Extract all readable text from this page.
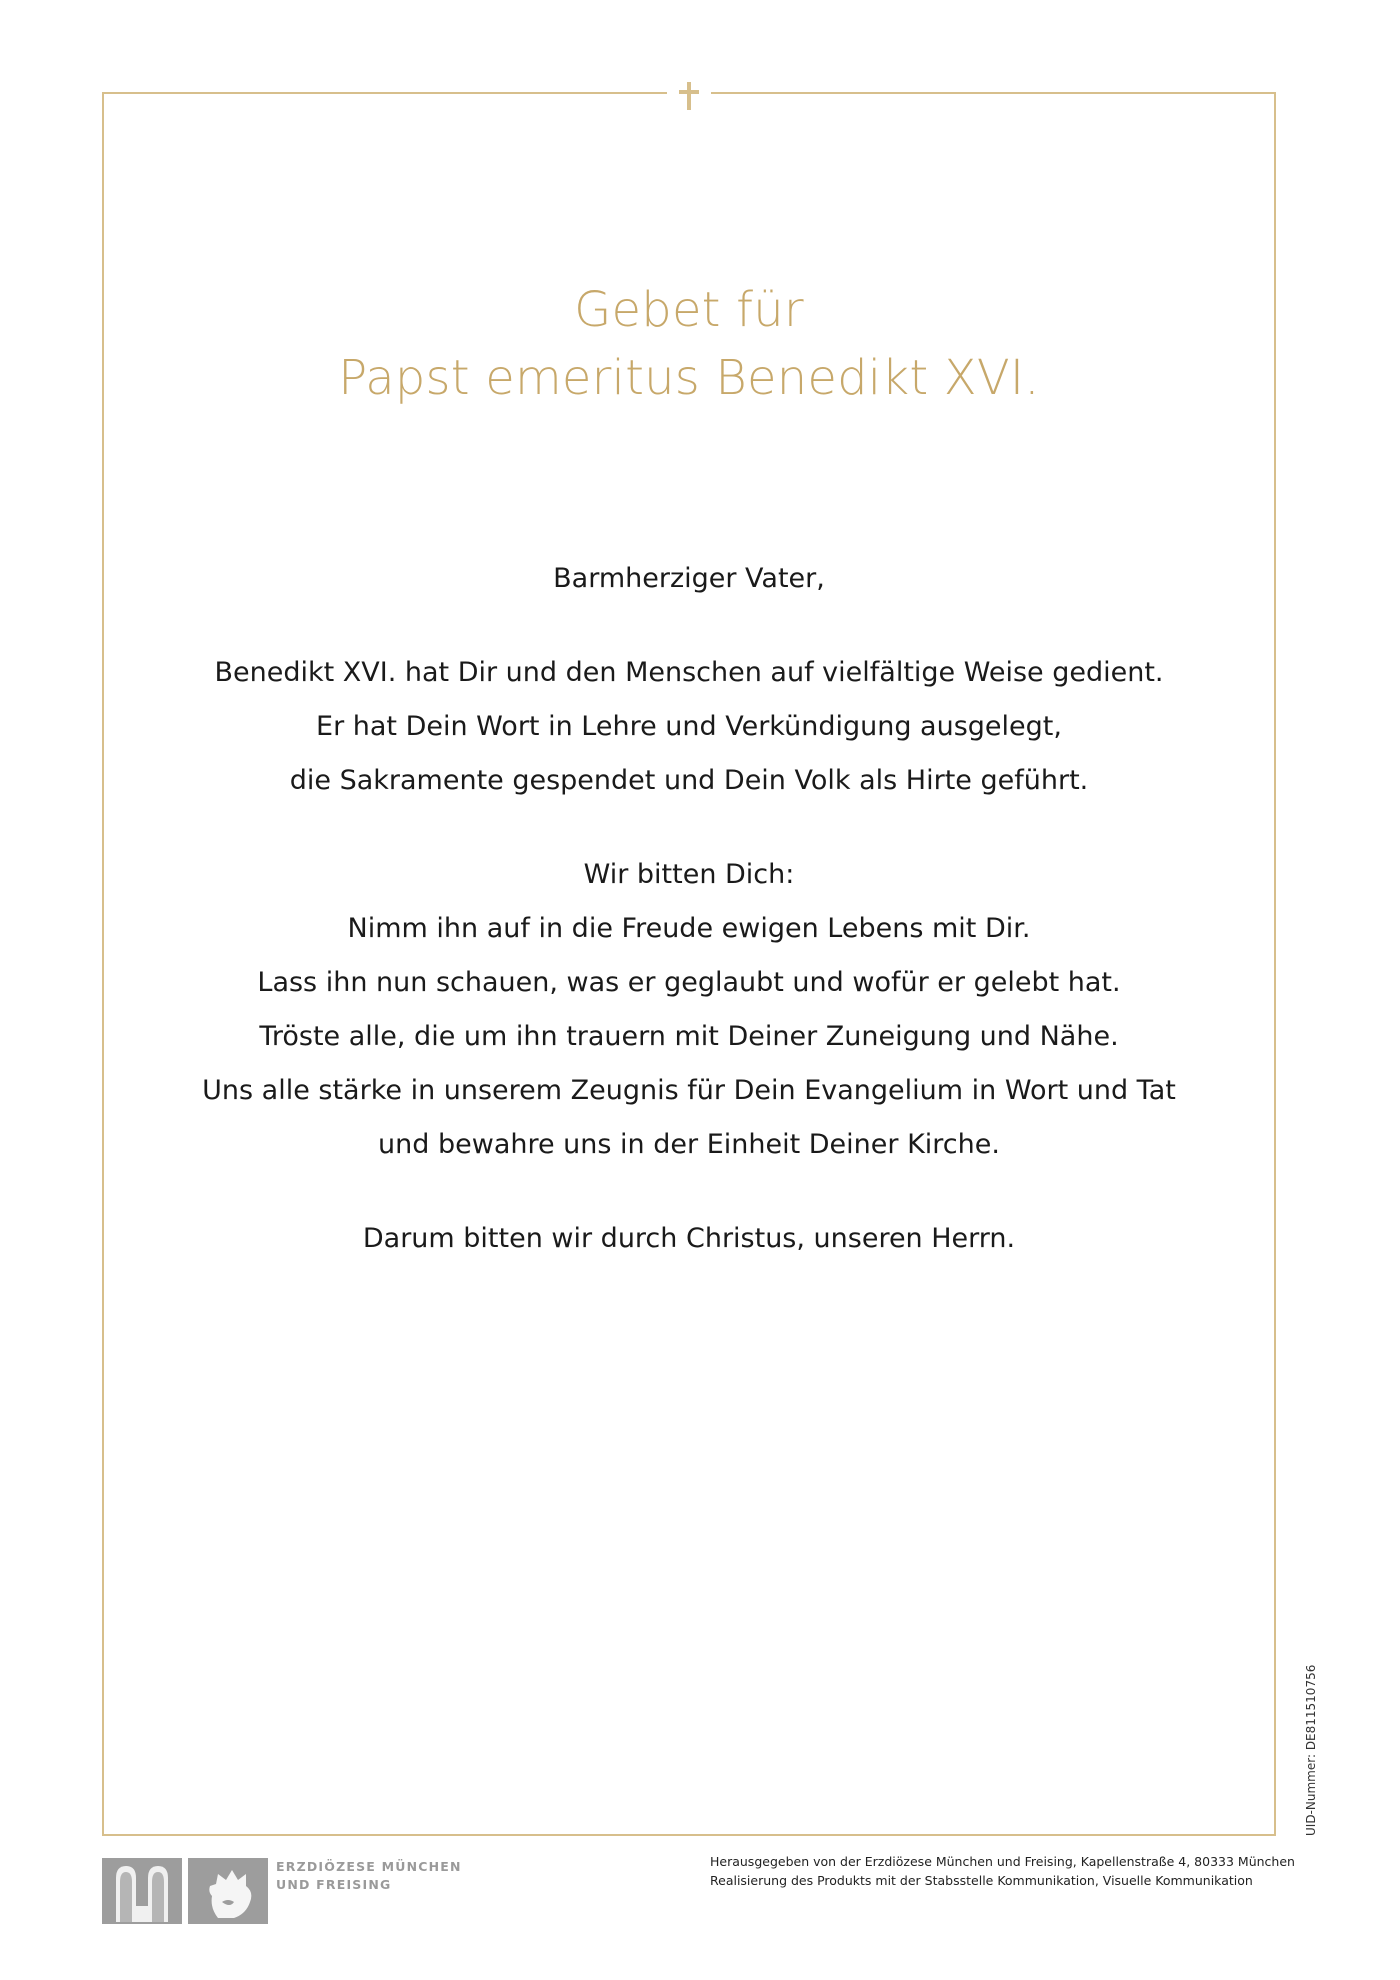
Gebet für
Papst emeritus Benedikt XVI.
Barmherziger Vater,
Benedikt XVI. hat Dir und den Menschen auf vielfältige Weise gedient.
Er hat Dein Wort in Lehre und Verkündigung ausgelegt,
die Sakramente gespendet und Dein Volk als Hirte geführt.
Wir bitten Dich:
Nimm ihn auf in die Freude ewigen Lebens mit Dir.
Lass ihn nun schauen, was er geglaubt und wofür er gelebt hat.
Tröste alle, die um ihn trauern mit Deiner Zuneigung und Nähe.
Uns alle stärke in unserem Zeugnis für Dein Evangelium in Wort und Tat
und bewahre uns in der Einheit Deiner Kirche.
Darum bitten wir durch Christus, unseren Herrn.
UID-Nummer: DE811510756
ERZDIÖZESE MÜNCHEN
UND FREISING
Herausgegeben von der Erzdiözese München und Freising, Kapellenstraße 4, 80333 München
Realisierung des Produkts mit der Stabsstelle Kommunikation, Visuelle Kommunikation
